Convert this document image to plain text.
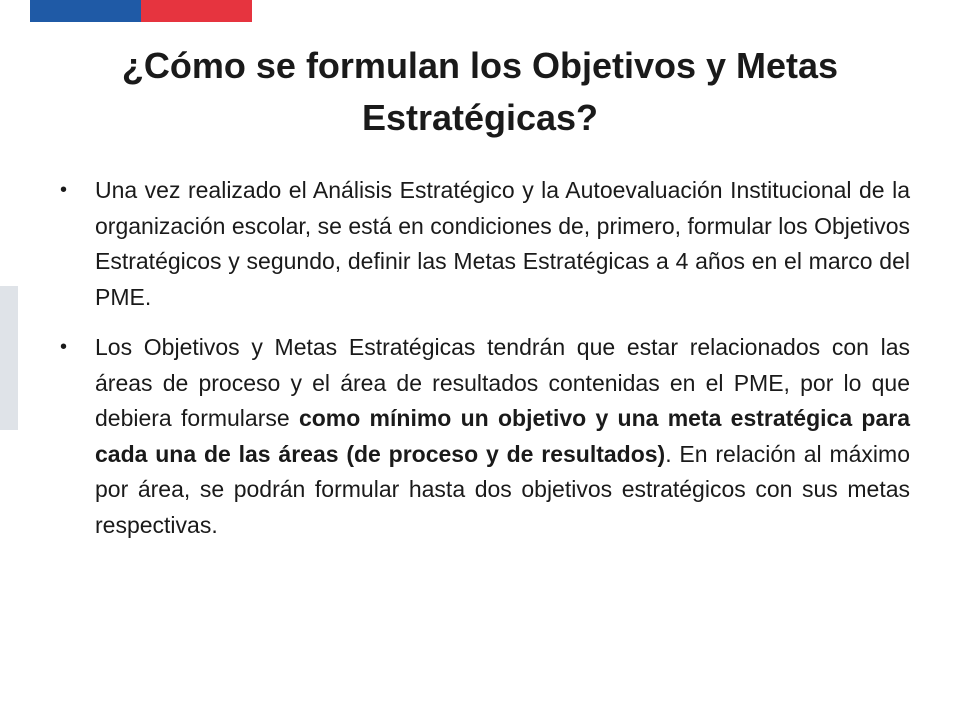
¿Cómo se formulan los Objetivos y Metas Estratégicas?
• Una vez realizado el Análisis Estratégico y la Autoevaluación Institucional de la organización escolar, se está en condiciones de, primero, formular los Objetivos Estratégicos y segundo, definir las Metas Estratégicas a 4 años en el marco del PME.
• Los Objetivos y Metas Estratégicas tendrán que estar relacionados con las áreas de proceso y el área de resultados contenidas en el PME, por lo que debiera formularse como mínimo un objetivo y una meta estratégica para cada una de las áreas (de proceso y de resultados). En relación al máximo por área, se podrán formular hasta dos objetivos estratégicos con sus metas respectivas.
